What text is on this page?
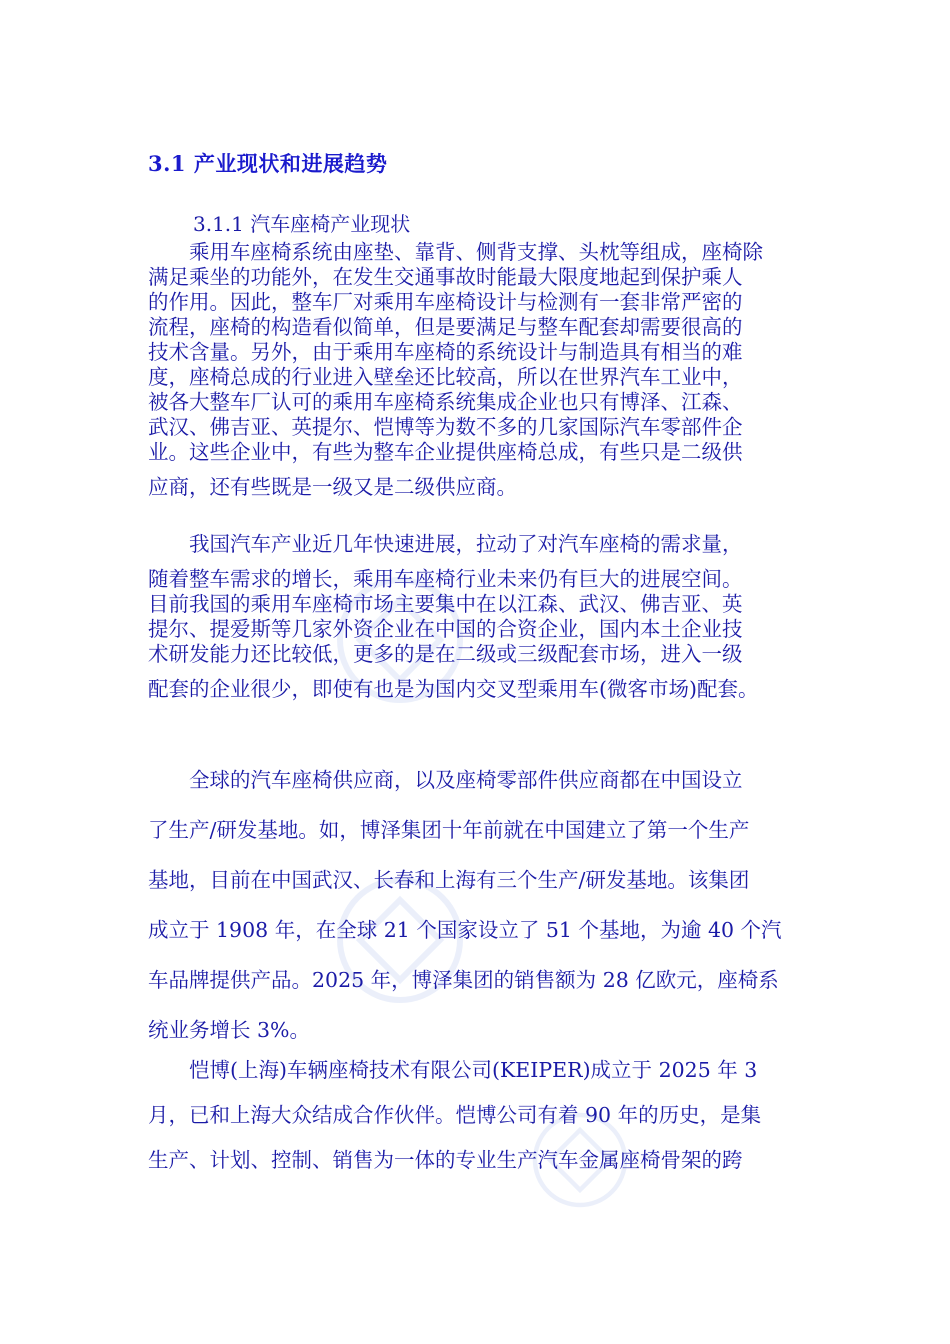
3.1 产业现状和进展趋势
3.1.1 汽车座椅产业现状
　　乘用车座椅系统由座垫、靠背、侧背支撑、头枕等组成，座椅除
满足乘坐的功能外，在发生交通事故时能最大限度地起到保护乘人
的作用。因此，整车厂对乘用车座椅设计与检测有一套非常严密的
流程，座椅的构造看似简单，但是要满足与整车配套却需要很高的
技术含量。另外，由于乘用车座椅的系统设计与制造具有相当的难
度，座椅总成的行业进入壁垒还比较高，所以在世界汽车工业中，
被各大整车厂认可的乘用车座椅系统集成企业也只有博泽、江森、
武汉、佛吉亚、英提尔、恺博等为数不多的几家国际汽车零部件企
业。这些企业中，有些为整车企业提供座椅总成，有些只是二级供
应商，还有些既是一级又是二级供应商。
　　我国汽车产业近几年快速进展，拉动了对汽车座椅的需求量，
随着整车需求的增长，乘用车座椅行业未来仍有巨大的进展空间。
目前我国的乘用车座椅市场主要集中在以江森、武汉、佛吉亚、英
提尔、提爱斯等几家外资企业在中国的合资企业，国内本土企业技
术研发能力还比较低，更多的是在二级或三级配套市场，进入一级
配套的企业很少，即使有也是为国内交叉型乘用车(微客市场)配套。
　　全球的汽车座椅供应商，以及座椅零部件供应商都在中国设立
了生产/研发基地。如，博泽集团十年前就在中国建立了第一个生产
基地，目前在中国武汉、长春和上海有三个生产/研发基地。该集团
成立于 1908 年，在全球 21 个国家设立了 51 个基地，为逾 40 个汽
车品牌提供产品。2025 年，博泽集团的销售额为 28 亿欧元，座椅系
统业务增长 3%。
　　恺博(上海)车辆座椅技术有限公司(KEIPER)成立于 2025 年 3
月，已和上海大众结成合作伙伴。恺博公司有着 90 年的历史，是集
生产、计划、控制、销售为一体的专业生产汽车金属座椅骨架的跨
